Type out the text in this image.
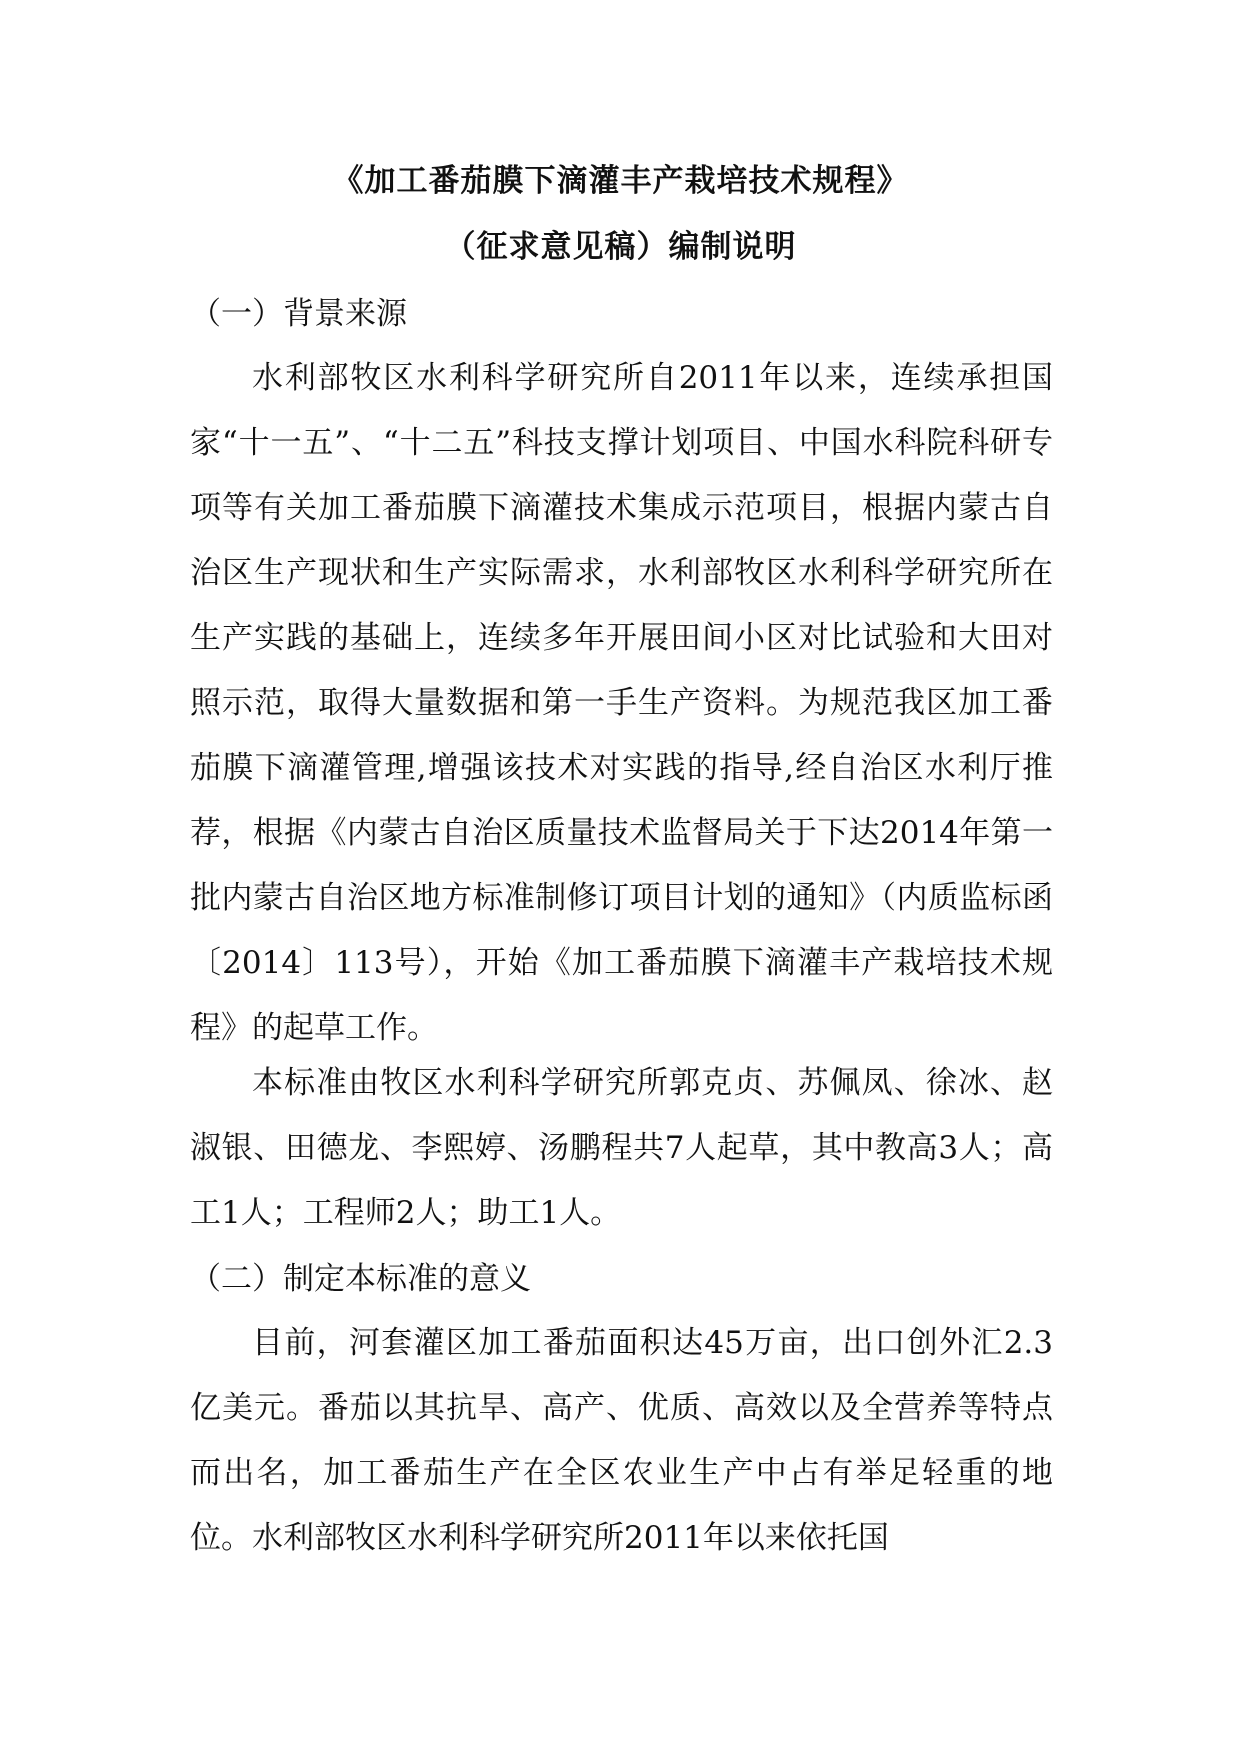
《加工番茄膜下滴灌丰产栽培技术规程》
（征求意见稿）编制说明
（一）背景来源
水利部牧区水利科学研究所自2011年以来，连续承担国家“十一五”、“十二五”科技支撑计划项目、中国水科院科研专项等有关加工番茄膜下滴灌技术集成示范项目，根据内蒙古自治区生产现状和生产实际需求，水利部牧区水利科学研究所在生产实践的基础上，连续多年开展田间小区对比试验和大田对照示范，取得大量数据和第一手生产资料。为规范我区加工番茄膜下滴灌管理,增强该技术对实践的指导,经自治区水利厅推荐，根据《内蒙古自治区质量技术监督局关于下达2014年第一批内蒙古自治区地方标准制修订项目计划的通知》（内质监标函〔2014〕113号），开始《加工番茄膜下滴灌丰产栽培技术规程》的起草工作。
本标准由牧区水利科学研究所郭克贞、苏佩凤、徐冰、赵淑银、田德龙、李熙婷、汤鹏程共7人起草，其中教高3人；高工1人；工程师2人；助工1人。
（二）制定本标准的意义
目前，河套灌区加工番茄面积达45万亩，出口创外汇2.3亿美元。番茄以其抗旱、高产、优质、高效以及全营养等特点而出名，加工番茄生产在全区农业生产中占有举足轻重的地位。水利部牧区水利科学研究所2011年以来依托国
